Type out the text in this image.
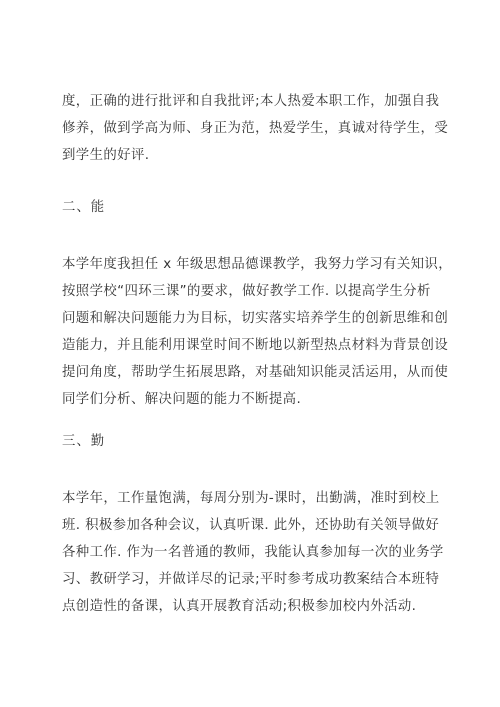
度，正确的进行批评和自我批评;本人热爱本职工作，加强自我
修养，做到学高为师、身正为范，热爱学生，真诚对待学生，受
到学生的好评.
二、能
本学年度我担任 x 年级思想品德课教学，我努力学习有关知识，
按照学校“四环三课”的要求，做好教学工作. 以提高学生分析
问题和解决问题能力为目标，切实落实培养学生的创新思维和创
造能力，并且能利用课堂时间不断地以新型热点材料为背景创设
提问角度，帮助学生拓展思路，对基础知识能灵活运用，从而使
同学们分析、解决问题的能力不断提高.
三、勤
本学年，工作量饱满，每周分别为-课时，出勤满，准时到校上
班. 积极参加各种会议，认真听课. 此外，还协助有关领导做好
各种工作. 作为一名普通的教师，我能认真参加每一次的业务学
习、教研学习，并做详尽的记录;平时参考成功教案结合本班特
点创造性的备课，认真开展教育活动;积极参加校内外活动.
